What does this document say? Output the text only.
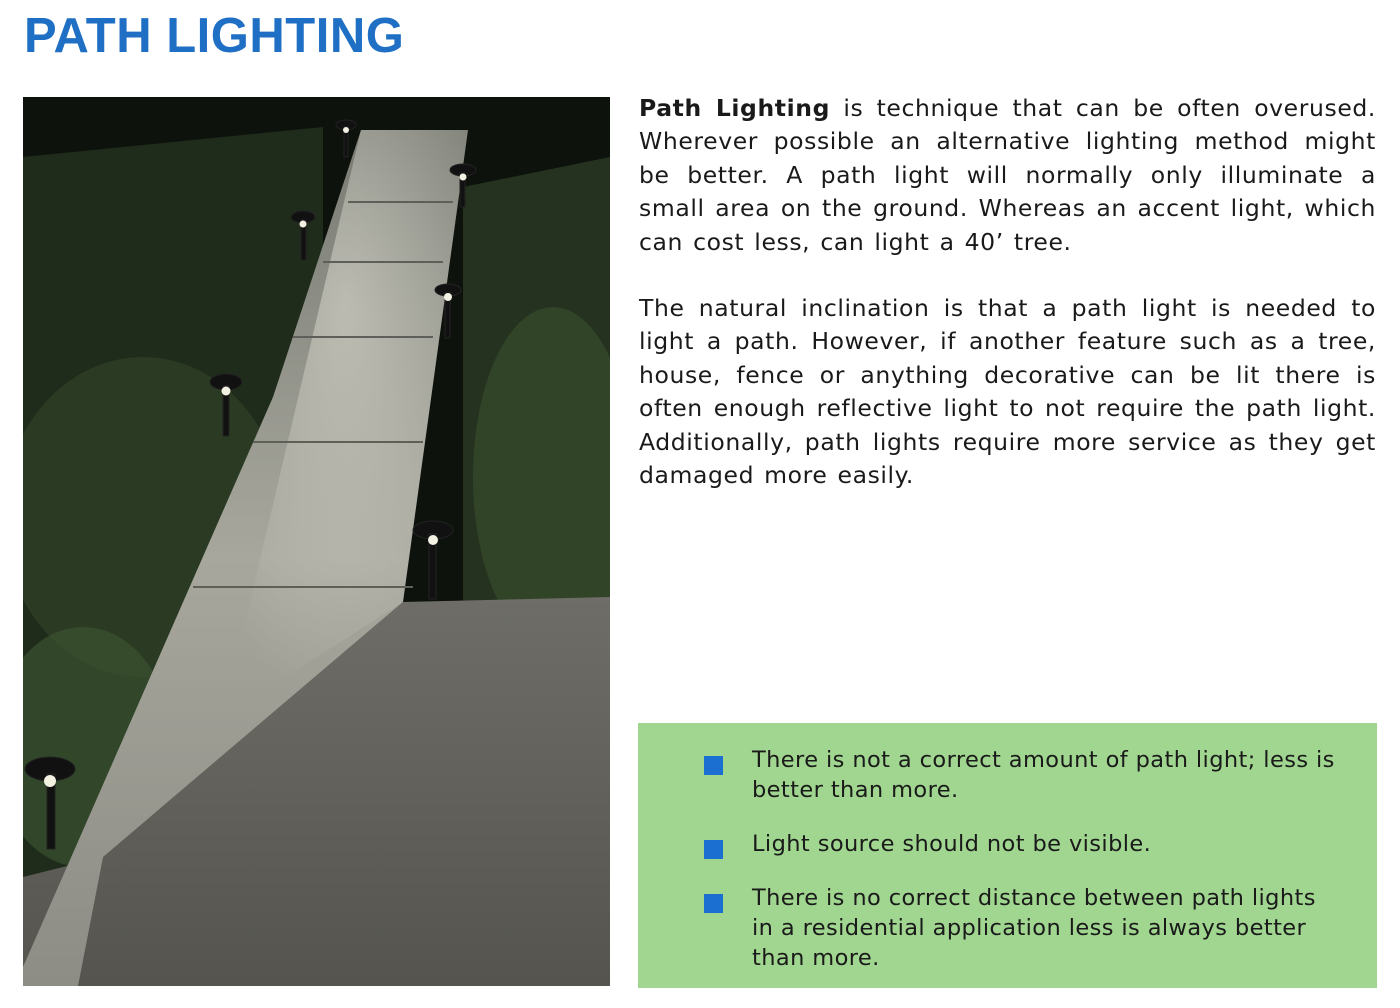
PATH LIGHTING

Path Lighting is technique that can be often overused. Wherever possible an alternative lighting method might be better. A path light will normally only illuminate a small area on the ground. Whereas an accent light, which can cost less, can light a 40’ tree.

The natural inclination is that a path light is needed to light a path. However, if another feature such as a tree, house, fence or anything decorative can be lit there is often enough reflective light to not require the path light. Additionally, path lights require more service as they get damaged more easily.

There is not a correct amount of path light; less is better than more.
Light source should not be visible.
There is no correct distance between path lights in a residential application less is always better than more.
